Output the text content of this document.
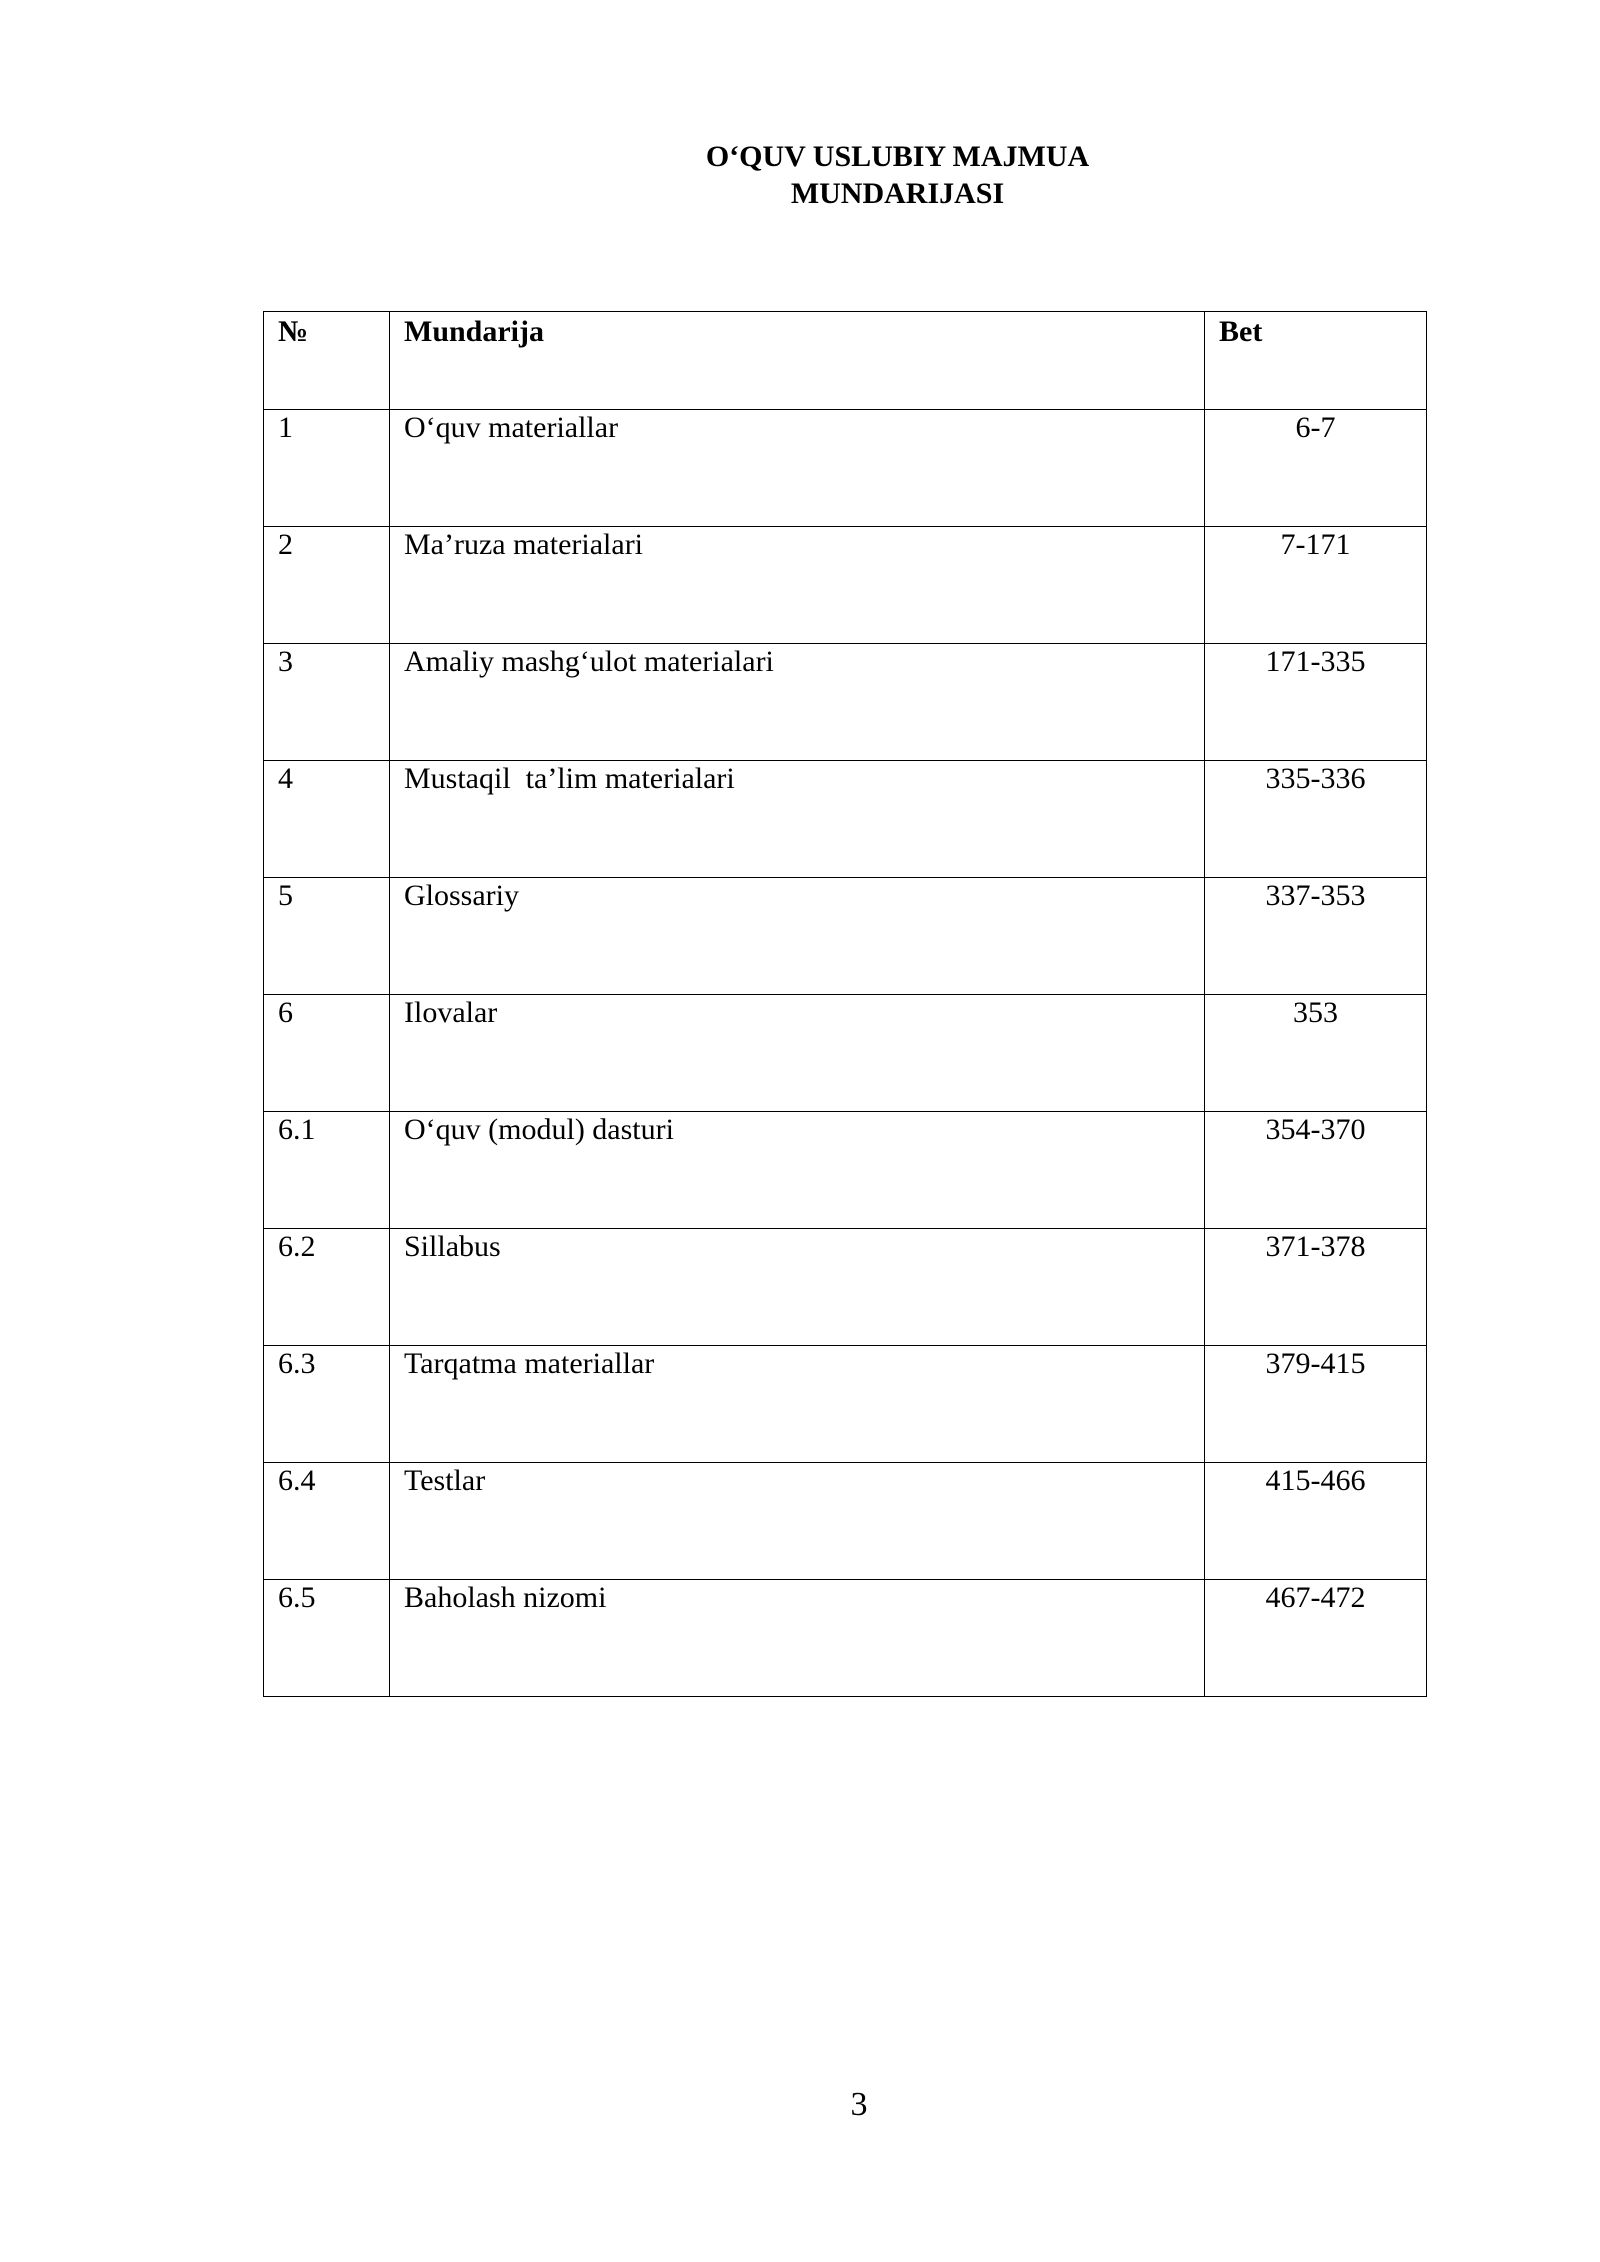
O‘QUV USLUBIY MAJMUA
MUNDARIJASI
№	Mundarija	Bet
1	O‘quv materiallar	6-7
2	Ma’ruza materialari	7-171
3	Amaliy mashg‘ulot materialari	171-335
4	Mustaqil  ta’lim materialari	335-336
5	Glossariy	337-353
6	Ilovalar	353
6.1	O‘quv (modul) dasturi	354-370
6.2	Sillabus	371-378
6.3	Tarqatma materiallar	379-415
6.4	Testlar	415-466
6.5	Baholash nizomi	467-472
3
